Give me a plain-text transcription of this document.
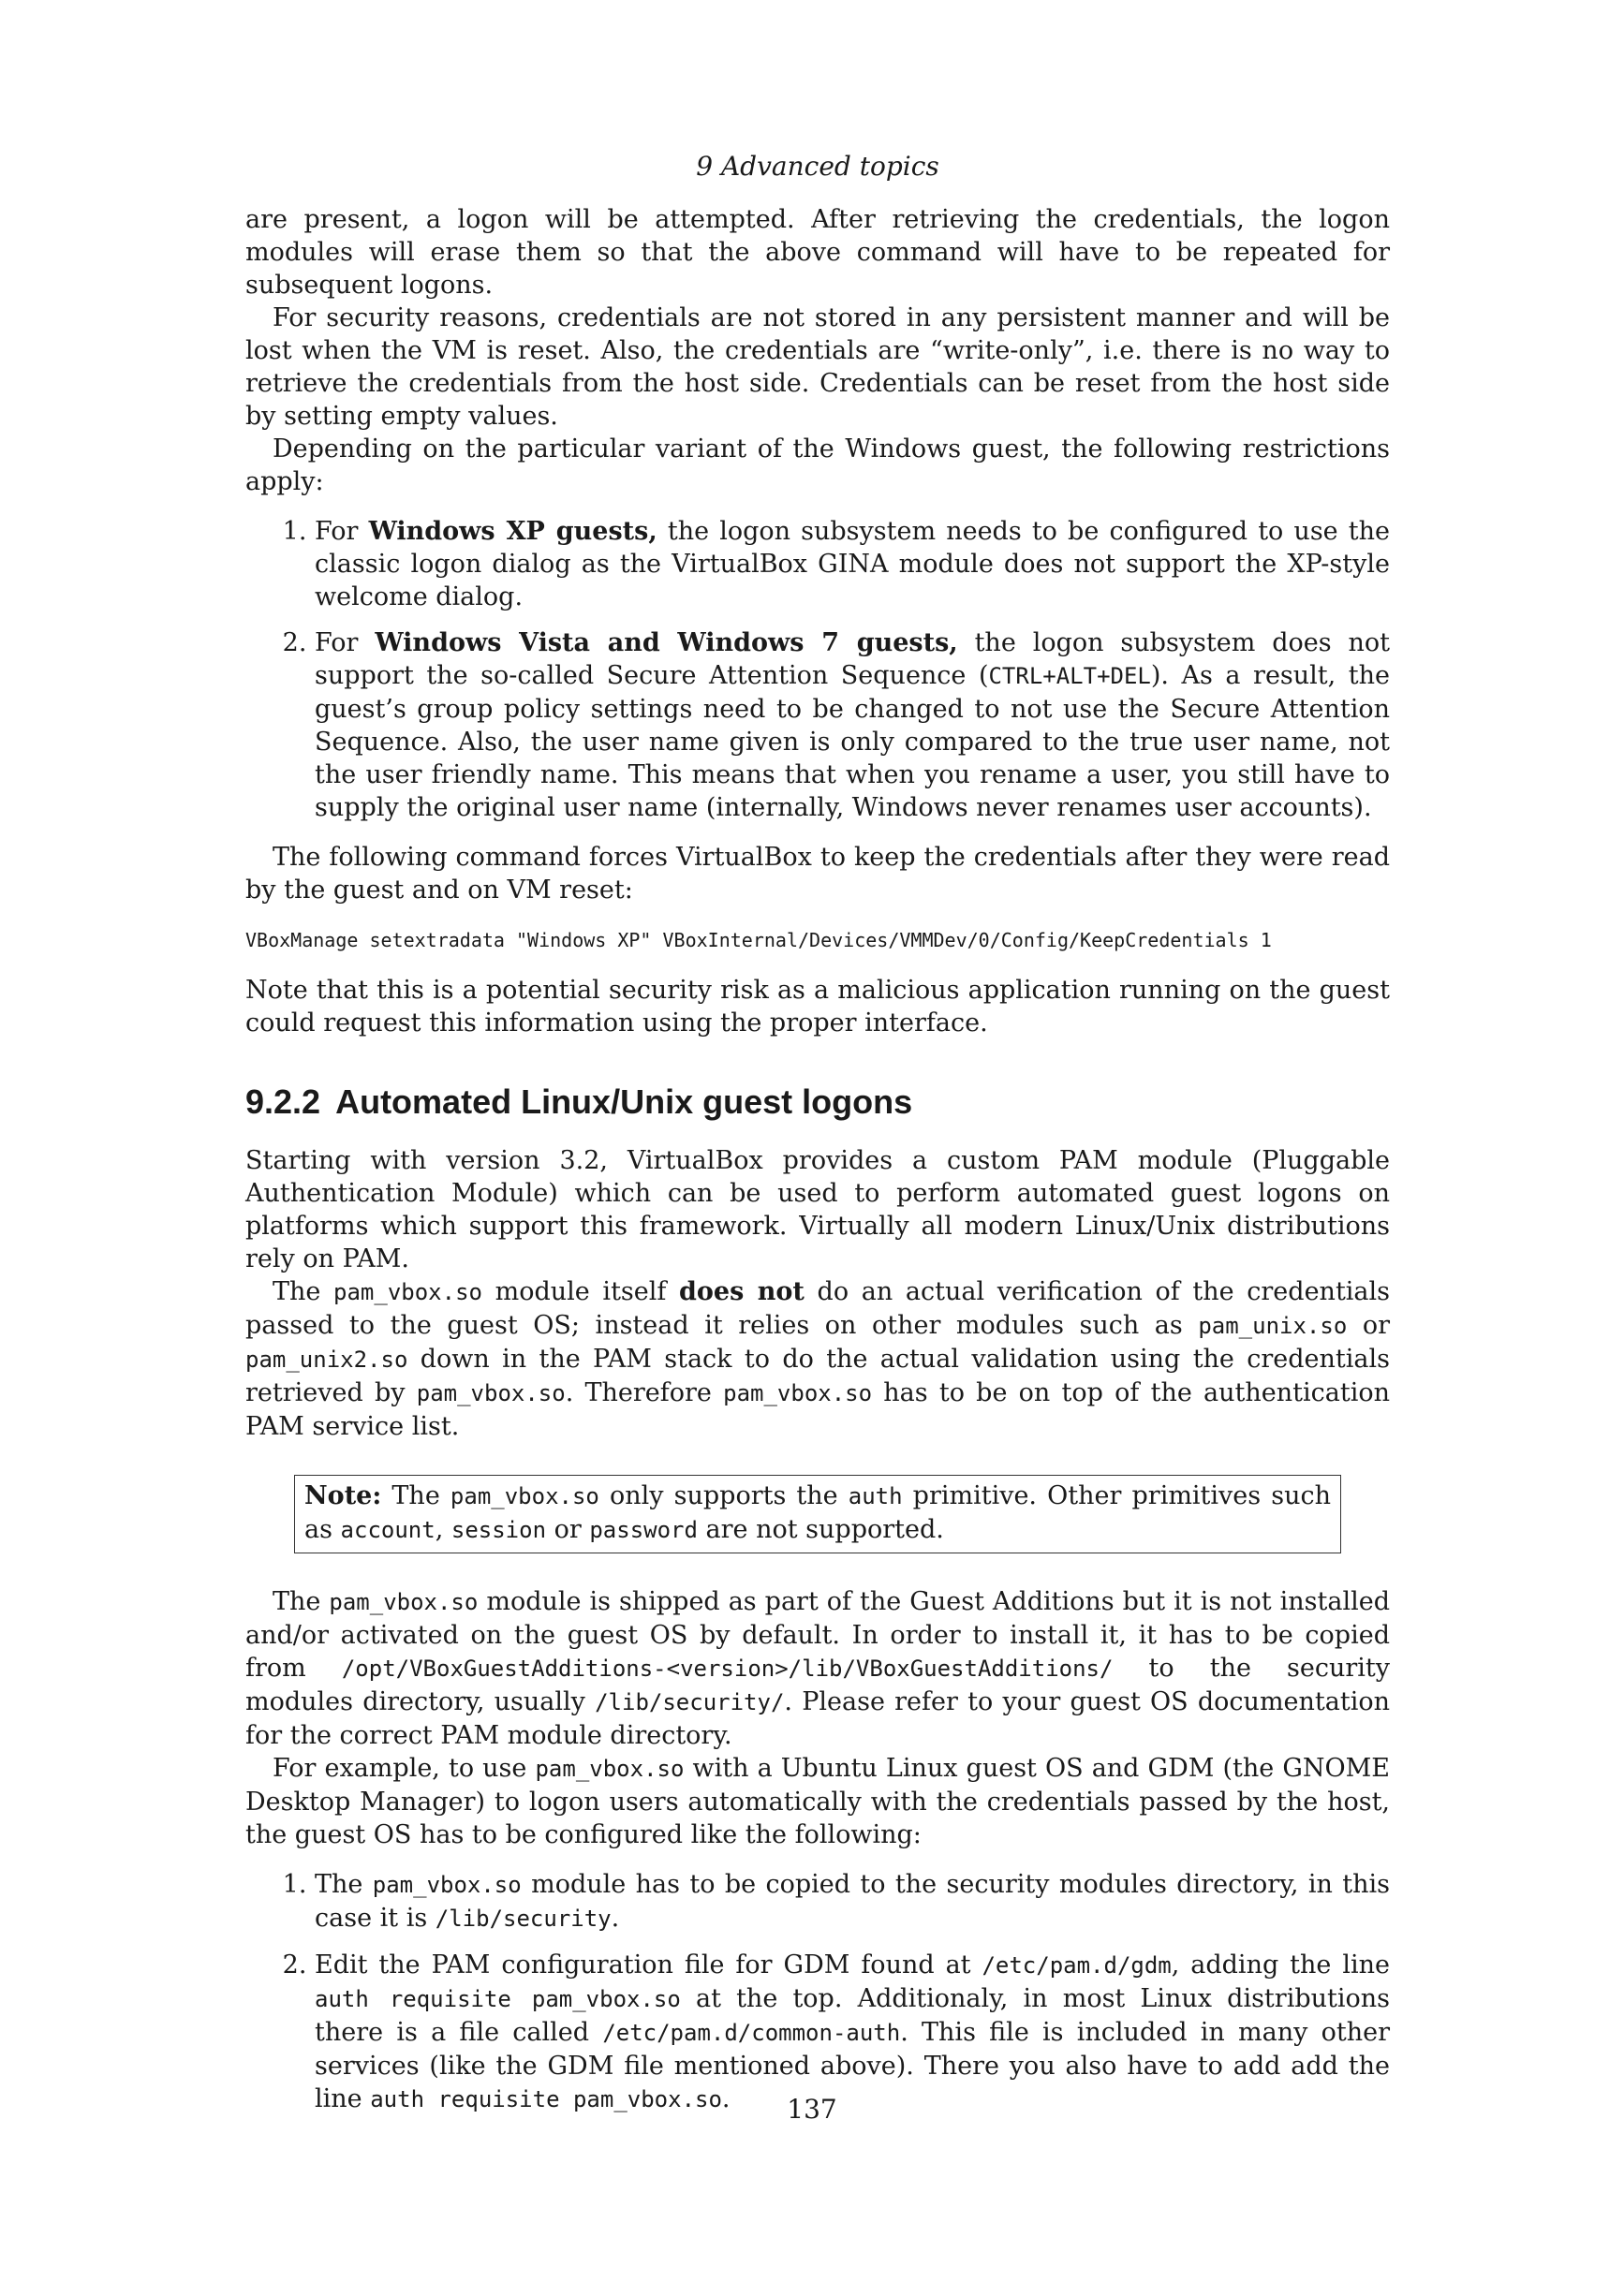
9 Advanced topics

are present, a logon will be attempted. After retrieving the credentials, the logon modules will erase them so that the above command will have to be repeated for subsequent logons.

For security reasons, credentials are not stored in any persistent manner and will be lost when the VM is reset. Also, the credentials are “write-only”, i.e. there is no way to retrieve the credentials from the host side. Credentials can be reset from the host side by setting empty values.

Depending on the particular variant of the Windows guest, the following restrictions apply:

1. For Windows XP guests, the logon subsystem needs to be configured to use the classic logon dialog as the VirtualBox GINA module does not support the XP-style welcome dialog.
2. For Windows Vista and Windows 7 guests, the logon subsystem does not support the so-called Secure Attention Sequence (CTRL+ALT+DEL). As a result, the guest’s group policy settings need to be changed to not use the Secure Attention Sequence. Also, the user name given is only compared to the true user name, not the user friendly name. This means that when you rename a user, you still have to supply the original user name (internally, Windows never renames user accounts).

The following command forces VirtualBox to keep the credentials after they were read by the guest and on VM reset:

VBoxManage setextradata "Windows XP" VBoxInternal/Devices/VMMDev/0/Config/KeepCredentials 1

Note that this is a potential security risk as a malicious application running on the guest could request this information using the proper interface.

9.2.2 Automated Linux/Unix guest logons

Starting with version 3.2, VirtualBox provides a custom PAM module (Pluggable Authentication Module) which can be used to perform automated guest logons on platforms which support this framework. Virtually all modern Linux/Unix distributions rely on PAM.

The pam_vbox.so module itself does not do an actual verification of the credentials passed to the guest OS; instead it relies on other modules such as pam_unix.so or pam_unix2.so down in the PAM stack to do the actual validation using the credentials retrieved by pam_vbox.so. Therefore pam_vbox.so has to be on top of the authentication PAM service list.

Note: The pam_vbox.so only supports the auth primitive. Other primitives such as account, session or password are not supported.

The pam_vbox.so module is shipped as part of the Guest Additions but it is not installed and/or activated on the guest OS by default. In order to install it, it has to be copied from /opt/VBoxGuestAdditions-<version>/lib/VBoxGuestAdditions/ to the security modules directory, usually /lib/security/. Please refer to your guest OS documentation for the correct PAM module directory.

For example, to use pam_vbox.so with a Ubuntu Linux guest OS and GDM (the GNOME Desktop Manager) to logon users automatically with the credentials passed by the host, the guest OS has to be configured like the following:

1. The pam_vbox.so module has to be copied to the security modules directory, in this case it is /lib/security.
2. Edit the PAM configuration file for GDM found at /etc/pam.d/gdm, adding the line auth requisite pam_vbox.so at the top. Additionaly, in most Linux distributions there is a file called /etc/pam.d/common-auth. This file is included in many other services (like the GDM file mentioned above). There you also have to add add the line auth requisite pam_vbox.so.	137
